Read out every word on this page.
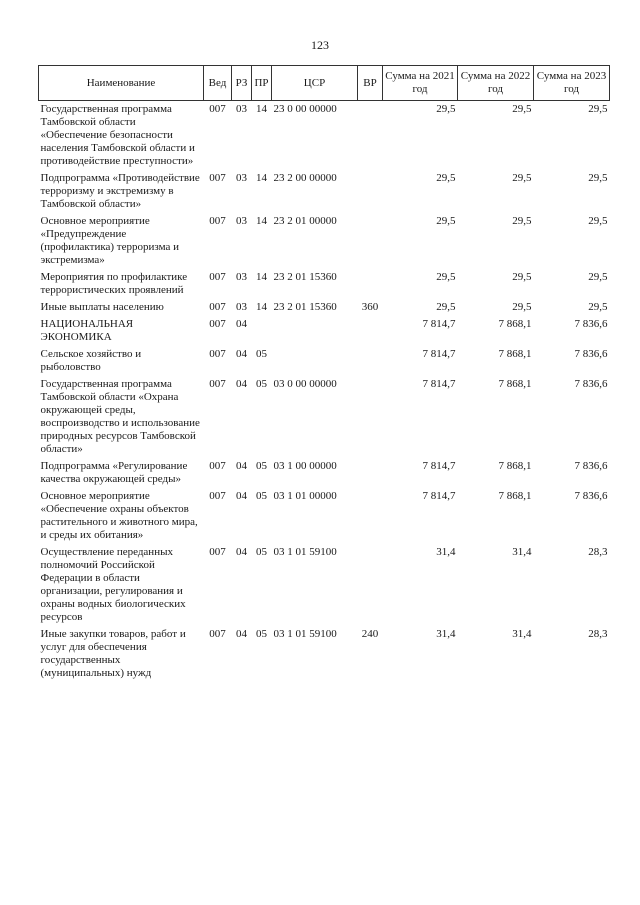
123
Наименование	Вед	РЗ	ПР	ЦСР	ВР	Сумма на 2021 год	Сумма на 2022 год	Сумма на 2023 год
Государственная программа Тамбовской области «Обеспечение безопасности населения Тамбовской области и противодействие преступности»	007	03	14	23 0 00 00000		29,5	29,5	29,5
Подпрограмма «Противодействие терроризму и экстремизму в Тамбовской области»	007	03	14	23 2 00 00000		29,5	29,5	29,5
Основное мероприятие «Предупреждение (профилактика) терроризма и экстремизма»	007	03	14	23 2 01 00000		29,5	29,5	29,5
Мероприятия по профилактике террористических проявлений	007	03	14	23 2 01 15360		29,5	29,5	29,5
Иные выплаты населению	007	03	14	23 2 01 15360	360	29,5	29,5	29,5
НАЦИОНАЛЬНАЯ ЭКОНОМИКА	007	04				7 814,7	7 868,1	7 836,6
Сельское хозяйство и рыболовство	007	04	05			7 814,7	7 868,1	7 836,6
Государственная программа Тамбовской области «Охрана окружающей среды, воспроизводство и использование природных ресурсов Тамбовской области»	007	04	05	03 0 00 00000		7 814,7	7 868,1	7 836,6
Подпрограмма «Регулирование качества окружающей среды»	007	04	05	03 1 00 00000		7 814,7	7 868,1	7 836,6
Основное мероприятие «Обеспечение охраны объектов растительного и животного мира, и среды их обитания»	007	04	05	03 1 01 00000		7 814,7	7 868,1	7 836,6
Осуществление переданных полномочий Российской Федерации в области организации, регулирования и охраны водных биологических ресурсов	007	04	05	03 1 01 59100		31,4	31,4	28,3
Иные закупки товаров, работ и услуг для обеспечения государственных (муниципальных) нужд	007	04	05	03 1 01 59100	240	31,4	31,4	28,3
